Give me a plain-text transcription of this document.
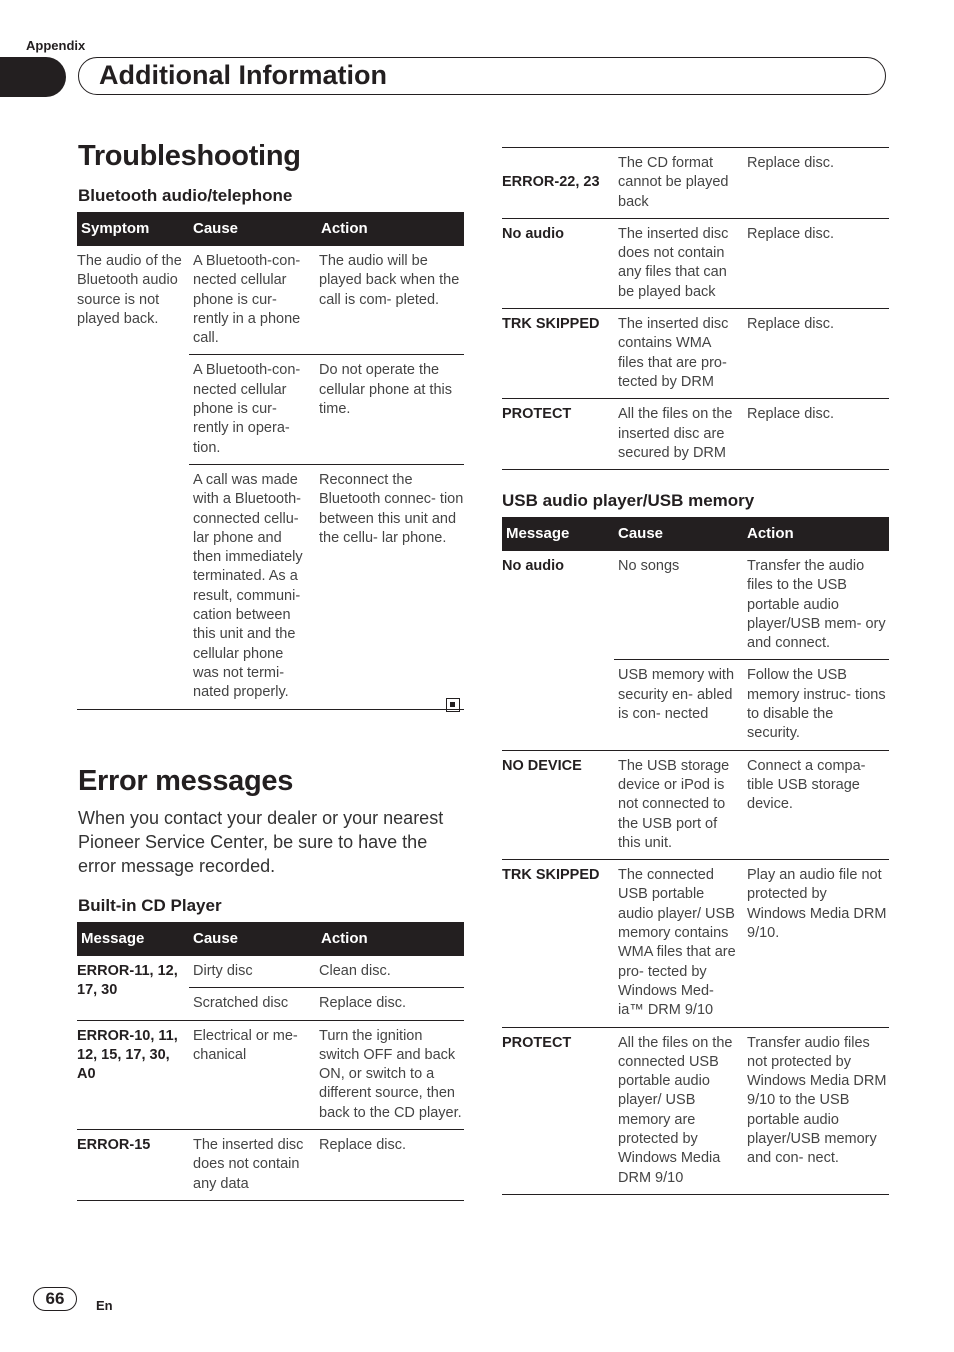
Appendix
Additional Information
Troubleshooting
Bluetooth audio/telephone
Symptom	Cause	Action
The audio of the Bluetooth audio source is not played back.	A Bluetooth-con- nected cellular phone is cur- rently in a phone call.	The audio will be played back when the call is com- pleted.
	A Bluetooth-con- nected cellular phone is cur- rently in opera- tion.	Do not operate the cellular phone at this time.
	A call was made with a Bluetooth- connected cellu- lar phone and then immediately terminated. As a result, communi- cation between this unit and the cellular phone was not termi- nated properly.	Reconnect the Bluetooth connec- tion between this unit and the cellu- lar phone.
Error messages
When you contact your dealer or your nearest Pioneer Service Center, be sure to have the error message recorded.
Built-in CD Player
Message	Cause	Action
ERROR-11, 12, 17, 30	Dirty disc	Clean disc.
	Scratched disc	Replace disc.
ERROR-10, 11, 12, 15, 17, 30, A0	Electrical or me- chanical	Turn the ignition switch OFF and back ON, or switch to a different source, then back to the CD player.
ERROR-15	The inserted disc does not contain any data	Replace disc.
ERROR-22, 23	The CD format cannot be played back	Replace disc.
No audio	The inserted disc does not contain any files that can be played back	Replace disc.
TRK SKIPPED	The inserted disc contains WMA files that are pro- tected by DRM	Replace disc.
PROTECT	All the files on the inserted disc are secured by DRM	Replace disc.
USB audio player/USB memory
Message	Cause	Action
No audio	No songs	Transfer the audio files to the USB portable audio player/USB mem- ory and connect.
	USB memory with security en- abled is con- nected	Follow the USB memory instruc- tions to disable the security.
NO DEVICE	The USB storage device or iPod is not connected to the USB port of this unit.	Connect a compa- tible USB storage device.
TRK SKIPPED	The connected USB portable audio player/ USB memory contains WMA files that are pro- tected by Windows Med- ia™ DRM 9/10	Play an audio file not protected by Windows Media DRM 9/10.
PROTECT	All the files on the connected USB portable audio player/ USB memory are protected by Windows Media DRM 9/10	Transfer audio files not protected by Windows Media DRM 9/10 to the USB portable audio player/USB memory and con- nect.
66	En
